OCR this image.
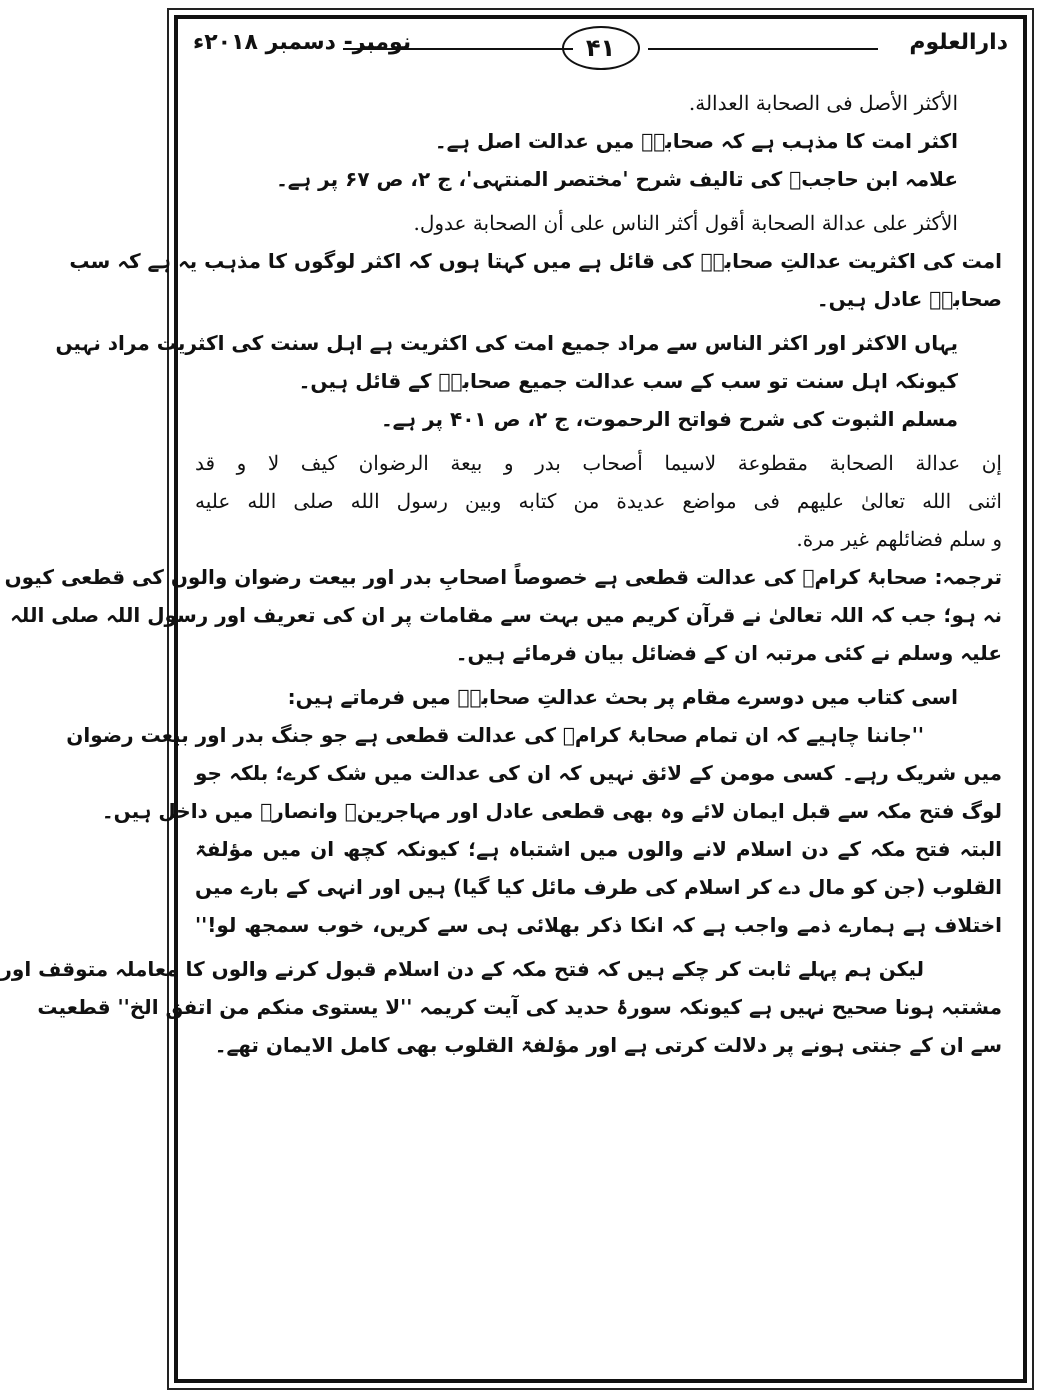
دارالعلوم
۴۱
نومبر- دسمبر ۲۰۱۸ء
الأكثر الأصل فی الصحابة العدالة.
اکثر امت کا مذہب ہے کہ صحابہؓ میں عدالت اصل ہے۔
علامہ ابن حاجبؒ کی تالیف شرح 'مختصر المنتہی'، ج ۲، ص ۶۷ پر ہے۔
الأكثر على عدالة الصحابة أقول أكثر الناس على أن الصحابة عدول.
امت کی اکثریت عدالتِ صحابہؓ کی قائل ہے میں کہتا ہوں کہ اکثر لوگوں کا مذہب یہ ہے کہ سب
صحابہؓ عادل ہیں۔
یہاں الاکثر اور اکثر الناس سے مراد جمیع امت کی اکثریت ہے اہل سنت کی اکثریت مراد نہیں
کیونکہ اہل سنت تو سب کے سب عدالت جمیع صحابہؓ کے قائل ہیں۔
مسلم الثبوت کی شرح فواتح الرحموت، ج ۲، ص ۴۰۱ پر ہے۔
إن عدالة الصحابة مقطوعة لاسيما أصحاب بدر و بيعة الرضوان كيف لا و قد
اثنى الله تعالىٰ عليهم فی مواضع عديدة من كتابه وبين رسول الله صلى الله عليه
و سلم فضائلهم غير مرة.
ترجمہ: صحابۂ کرامؓ کی عدالت قطعی ہے خصوصاً اصحابِ بدر اور بیعت رضوان والوں کی قطعی کیوں
نہ ہو؛ جب کہ اللہ تعالیٰ نے قرآن کریم میں بہت سے مقامات پر ان کی تعریف اور رسول اللہ صلی اللہ
علیہ وسلم نے کئی مرتبہ ان کے فضائل بیان فرمائے ہیں۔
اسی کتاب میں دوسرے مقام پر بحث عدالتِ صحابہؓ میں فرماتے ہیں:
''جاننا چاہیے کہ ان تمام صحابۂ کرامؓ کی عدالت قطعی ہے جو جنگ بدر اور بیعت رضوان
میں شریک رہے۔ کسی مومن کے لائق نہیں کہ ان کی عدالت میں شک کرے؛ بلکہ جو
لوگ فتح مکہ سے قبل ایمان لائے وہ بھی قطعی عادل اور مہاجرینؓ وانصارؓ میں داخل ہیں۔
البتہ فتح مکہ کے دن اسلام لانے والوں میں اشتباہ ہے؛ کیونکہ کچھ ان میں مؤلفۃ
القلوب (جن کو مال دے کر اسلام کی طرف مائل کیا گیا) ہیں اور انہی کے بارے میں
اختلاف ہے ہمارے ذمے واجب ہے کہ انکا ذکر بھلائی ہی سے کریں، خوب سمجھ لو!''
لیکن ہم پہلے ثابت کر چکے ہیں کہ فتح مکہ کے دن اسلام قبول کرنے والوں کا معاملہ متوقف اور
مشتبہ ہونا صحیح نہیں ہے کیونکہ سورۂ حدید کی آیت کریمہ ''لا یستوی منکم من اتفق الخ'' قطعیت
سے ان کے جنتی ہونے پر دلالت کرتی ہے اور مؤلفۃ القلوب بھی کامل الایمان تھے۔
